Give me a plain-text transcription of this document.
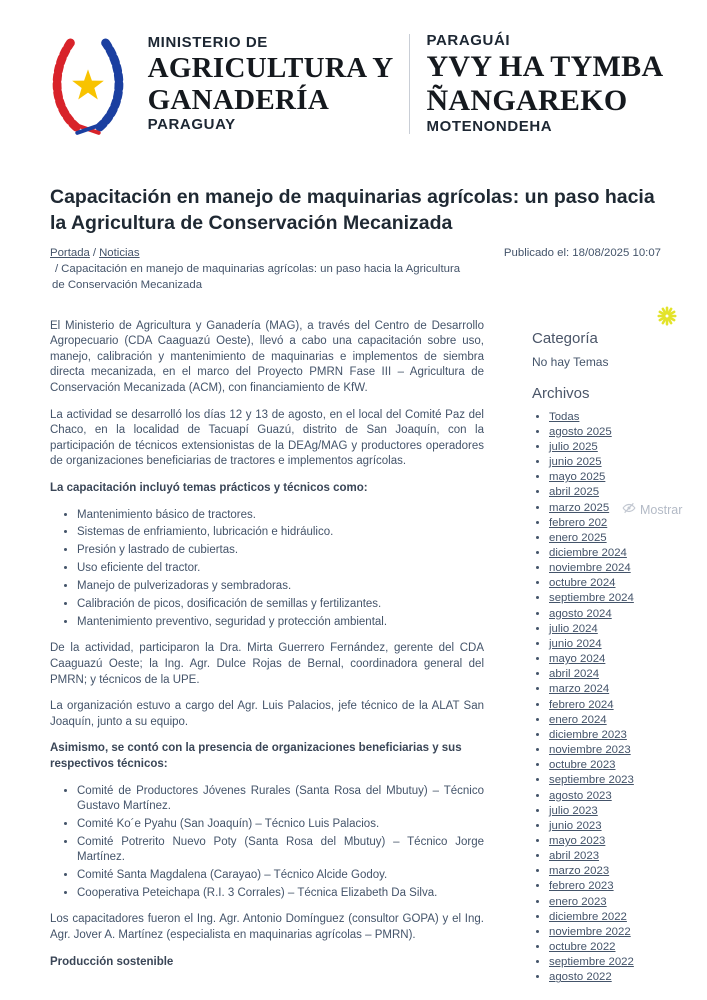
MINISTERIO DE
AGRICULTURA Y
GANADERÍA
PARAGUAY
PARAGUÁI
YVY HA TYMBA
ÑANGAREKO
MOTENONDEHA
Capacitación en manejo de maquinarias agrícolas: un paso hacia la Agricultura de Conservación Mecanizada
Portada / Noticias
/ Capacitación en manejo de maquinarias agrícolas: un paso hacia la Agricultura de Conservación Mecanizada
Publicado el: 18/08/2025 10:07

El Ministerio de Agricultura y Ganadería (MAG), a través del Centro de Desarrollo Agropecuario (CDA Caaguazú Oeste), llevó a cabo una capacitación sobre uso, manejo, calibración y mantenimiento de maquinarias e implementos de siembra directa mecanizada, en el marco del Proyecto PMRN Fase III – Agricultura de Conservación Mecanizada (ACM), con financiamiento de KfW.

La actividad se desarrolló los días 12 y 13 de agosto, en el local del Comité Paz del Chaco, en la localidad de Tacuapí Guazú, distrito de San Joaquín, con la participación de técnicos extensionistas de la DEAg/MAG y productores operadores de organizaciones beneficiarias de tractores e implementos agrícolas.

La capacitación incluyó temas prácticos y técnicos como:

• Mantenimiento básico de tractores.
• Sistemas de enfriamiento, lubricación e hidráulico.
• Presión y lastrado de cubiertas.
• Uso eficiente del tractor.
• Manejo de pulverizadoras y sembradoras.
• Calibración de picos, dosificación de semillas y fertilizantes.
• Mantenimiento preventivo, seguridad y protección ambiental.

De la actividad, participaron la Dra. Mirta Guerrero Fernández, gerente del CDA Caaguazú Oeste; la Ing. Agr. Dulce Rojas de Bernal, coordinadora general del PMRN; y técnicos de la UPE.

La organización estuvo a cargo del Agr. Luis Palacios, jefe técnico de la ALAT San Joaquín, junto a su equipo.

Asimismo, se contó con la presencia de organizaciones beneficiarias y sus respectivos técnicos:

• Comité de Productores Jóvenes Rurales (Santa Rosa del Mbutuy) – Técnico Gustavo Martínez.
• Comité Ko´e Pyahu (San Joaquín) – Técnico Luis Palacios.
• Comité Potrerito Nuevo Poty (Santa Rosa del Mbutuy) – Técnico Jorge Martínez.
• Comité Santa Magdalena (Carayao) – Técnico Alcide Godoy.
• Cooperativa Peteichapa (R.I. 3 Corrales) – Técnica Elizabeth Da Silva.

Los capacitadores fueron el Ing. Agr. Antonio Domínguez (consultor GOPA) y el Ing. Agr. Jover A. Martínez (especialista en maquinarias agrícolas – PMRN).

Producción sostenible

Categoría

No hay Temas

Archivos
• Todas
• agosto 2025
• julio 2025
• junio 2025
• mayo 2025
• abril 2025
• marzo 2025
• febrero 202
• enero 2025
• diciembre 2024
• noviembre 2024
• octubre 2024
• septiembre 2024
• agosto 2024
• julio 2024
• junio 2024
• mayo 2024
• abril 2024
• marzo 2024
• febrero 2024
• enero 2024
• diciembre 2023
• noviembre 2023
• octubre 2023
• septiembre 2023
• agosto 2023
• julio 2023
• junio 2023
• mayo 2023
• abril 2023
• marzo 2023
• febrero 2023
• enero 2023
• diciembre 2022
• noviembre 2022
• octubre 2022
• septiembre 2022
• agosto 2022
Mostrar
